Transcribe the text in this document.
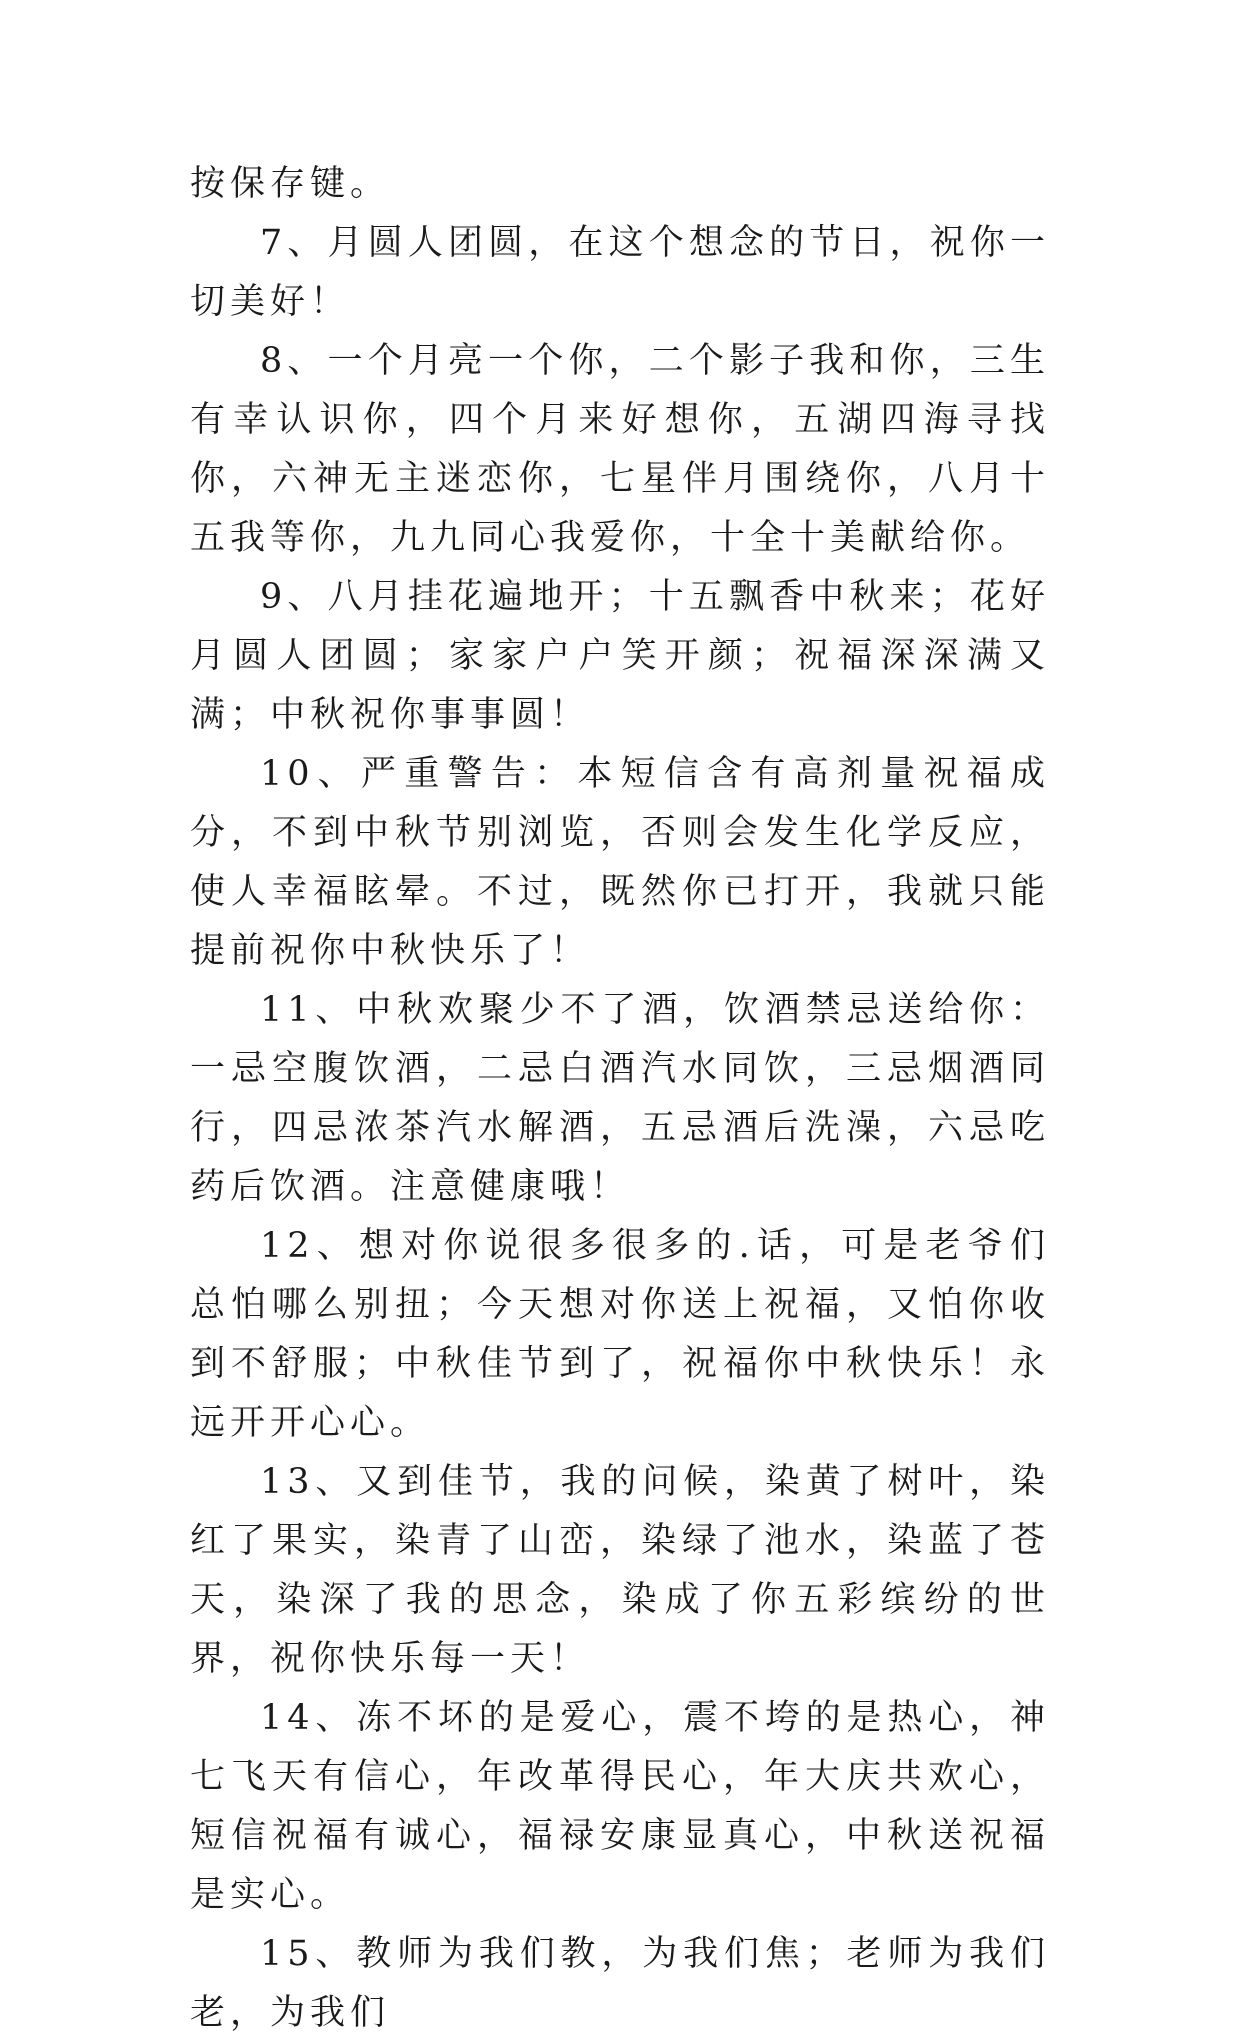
按保存键。

7、月圆人团圆，在这个想念的节日，祝你一切美好！

8、一个月亮一个你，二个影子我和你，三生有幸认识你，四个月来好想你，五湖四海寻找你，六神无主迷恋你，七星伴月围绕你，八月十五我等你，九九同心我爱你，十全十美献给你。

9、八月挂花遍地开；十五飘香中秋来；花好月圆人团圆；家家户户笑开颜；祝福深深满又满；中秋祝你事事圆！

10、严重警告：本短信含有高剂量祝福成分，不到中秋节别浏览，否则会发生化学反应，使人幸福眩晕。不过，既然你已打开，我就只能提前祝你中秋快乐了！

11、中秋欢聚少不了酒，饮酒禁忌送给你：一忌空腹饮酒，二忌白酒汽水同饮，三忌烟酒同行，四忌浓茶汽水解酒，五忌酒后洗澡，六忌吃药后饮酒。注意健康哦！

12、想对你说很多很多的.话，可是老爷们总怕哪么别扭；今天想对你送上祝福，又怕你收到不舒服；中秋佳节到了，祝福你中秋快乐！永远开开心心。

13、又到佳节，我的问候，染黄了树叶，染红了果实，染青了山峦，染绿了池水，染蓝了苍天，染深了我的思念，染成了你五彩缤纷的世界，祝你快乐每一天！

14、冻不坏的是爱心，震不垮的是热心，神七飞天有信心，年改革得民心，年大庆共欢心，短信祝福有诚心，福禄安康显真心，中秋送祝福是实心。

15、教师为我们教，为我们焦；老师为我们老，为我们
